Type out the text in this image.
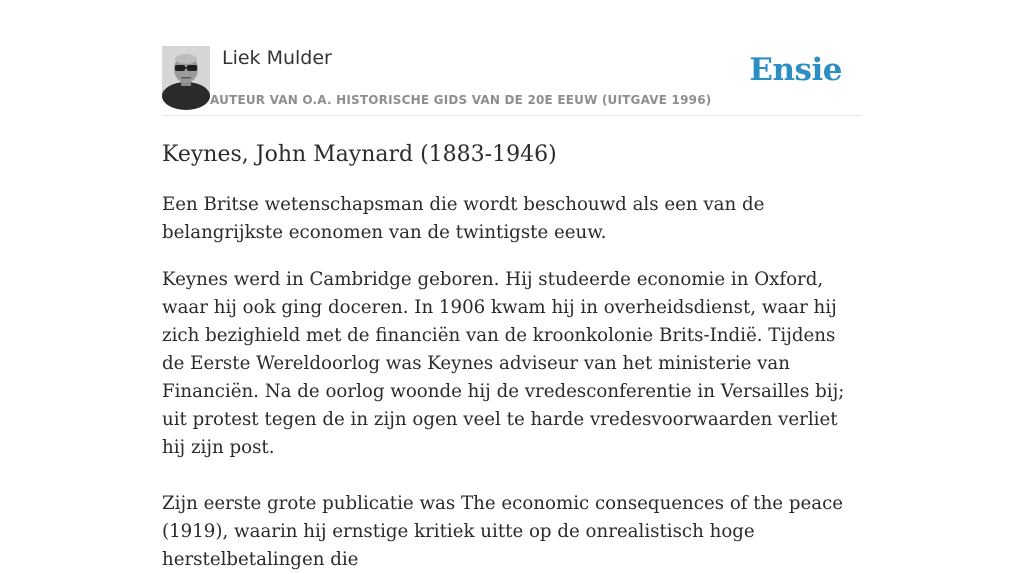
Liek Mulder
AUTEUR VAN O.A. HISTORISCHE GIDS VAN DE 20E EEUW (UITGAVE 1996)
Ensie
Keynes, John Maynard (1883-1946)

Een Britse wetenschapsman die wordt beschouwd als een van de belangrijkste economen van de twintigste eeuw.

Keynes werd in Cambridge geboren. Hij studeerde economie in Oxford, waar hij ook ging doceren. In 1906 kwam hij in overheidsdienst, waar hij zich bezighield met de financiën van de kroonkolonie Brits-Indië. Tijdens de Eerste Wereldoorlog was Keynes adviseur van het ministerie van Financiën. Na de oorlog woonde hij de vredesconferentie in Versailles bij; uit protest tegen de in zijn ogen veel te harde vredesvoorwaarden verliet hij zijn post.
Zijn eerste grote publicatie was The economic consequences of the peace (1919), waarin hij ernstige kritiek uitte op de onrealistisch hoge herstelbetalingen die
